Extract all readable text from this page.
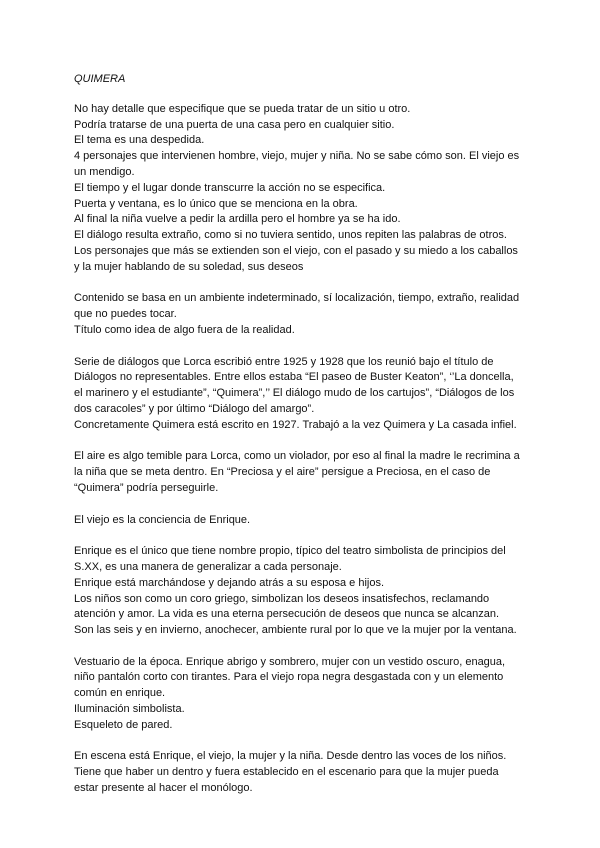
QUIMERA
No hay detalle que especifique que se pueda tratar de un sitio u otro.
Podría tratarse de una puerta de una casa pero en cualquier sitio.
El tema es una despedida.
4 personajes que intervienen hombre, viejo, mujer y niña. No se sabe cómo son. El viejo es
un mendigo.
El tiempo y el lugar donde transcurre la acción no se especifica.
Puerta y ventana, es lo único que se menciona en la obra.
Al final la niña vuelve a pedir la ardilla pero el hombre ya se ha ido.
El diálogo resulta extraño, como si no tuviera sentido, unos repiten las palabras de otros.
Los personajes que más se extienden son el viejo, con el pasado y su miedo a los caballos
y la mujer hablando de su soledad, sus deseos
Contenido se basa en un ambiente indeterminado, sí localización, tiempo, extraño, realidad
que no puedes tocar.
Título como idea de algo fuera de la realidad.
Serie de diálogos que Lorca escribió entre 1925 y 1928 que los reunió bajo el título de
Diálogos no representables. Entre ellos estaba “El paseo de Buster Keaton”, ‘’La doncella,
el marinero y el estudiante”, “Quimera”,’’ El diálogo mudo de los cartujos”, “Diálogos de los
dos caracoles” y por último “Diálogo del amargo”.
Concretamente Quimera está escrito en 1927. Trabajó a la vez Quimera y La casada infiel.
El aire es algo temible para Lorca, como un violador, por eso al final la madre le recrimina a
la niña que se meta dentro. En “Preciosa y el aire” persigue a Preciosa, en el caso de
“Quimera” podría perseguirle.
El viejo es la conciencia de Enrique.
Enrique es el único que tiene nombre propio, típico del teatro simbolista de principios del
S.XX, es una manera de generalizar a cada personaje.
Enrique está marchándose y dejando atrás a su esposa e hijos.
Los niños son como un coro griego, simbolizan los deseos insatisfechos, reclamando
atención y amor. La vida es una eterna persecución de deseos que nunca se alcanzan.
Son las seis y en invierno, anochecer, ambiente rural por lo que ve la mujer por la ventana.
Vestuario de la época. Enrique abrigo y sombrero, mujer con un vestido oscuro, enagua,
niño pantalón corto con tirantes. Para el viejo ropa negra desgastada con y un elemento
común en enrique.
Iluminación simbolista.
Esqueleto de pared.
En escena está Enrique, el viejo, la mujer y la niña. Desde dentro las voces de los niños.
Tiene que haber un dentro y fuera establecido en el escenario para que la mujer pueda
estar presente al hacer el monólogo.
